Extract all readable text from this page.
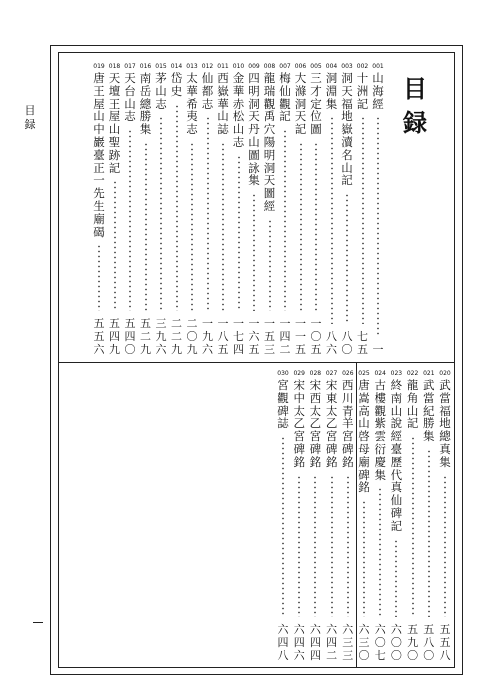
目
録
目
録
001
山
海
經
一
002
十
洲
記
七
五
003
洞
天
福
地
嶽
瀆
名
山
記
八
〇
004
洞
淵
集
八
六
005
三
才
定
位
圖
一
〇
五
006
大
滌
洞
天
記
一
一
五
007
梅
仙
觀
記
一
四
二
008
龍
瑞
觀
禹
穴
陽
明
洞
天
圖
經
一
五
三
009
四
明
洞
天
丹
山
圖
詠
集
一
六
五
010
金
華
赤
松
山
志
一
七
四
011
西
嶽
華
山
誌
一
八
五
012
仙
都
志
一
九
六
013
太
華
希
夷
志
二
〇
九
014
岱
史
二
二
九
015
茅
山
志
三
九
六
016
南
岳
總
勝
集
五
二
九
017
天
台
山
志
五
四
〇
018
天
壇
王
屋
山
聖
跡
記
五
四
九
019
唐
王
屋
山
中
巖
臺
正
一
先
生
廟
碣
五
五
六
020
武
當
福
地
總
真
集
五
五
八
021
武
當
紀
勝
集
五
八
〇
022
龍
角
山
記
五
九
〇
023
終
南
山
說
經
臺
歷
代
真
仙
碑
記
六
〇
〇
024
古
樓
觀
紫
雲
衍
慶
集
六
〇
七
025
唐
嵩
高
山
啓
母
廟
碑
銘
六
三
〇
026
西
川
青
羊
宮
碑
銘
六
三
三
027
宋
東
太
乙
宮
碑
銘
六
四
二
028
宋
西
太
乙
宮
碑
銘
六
四
四
029
宋
中
太
乙
宮
碑
銘
六
四
六
030
宮
觀
碑
誌
六
四
八
